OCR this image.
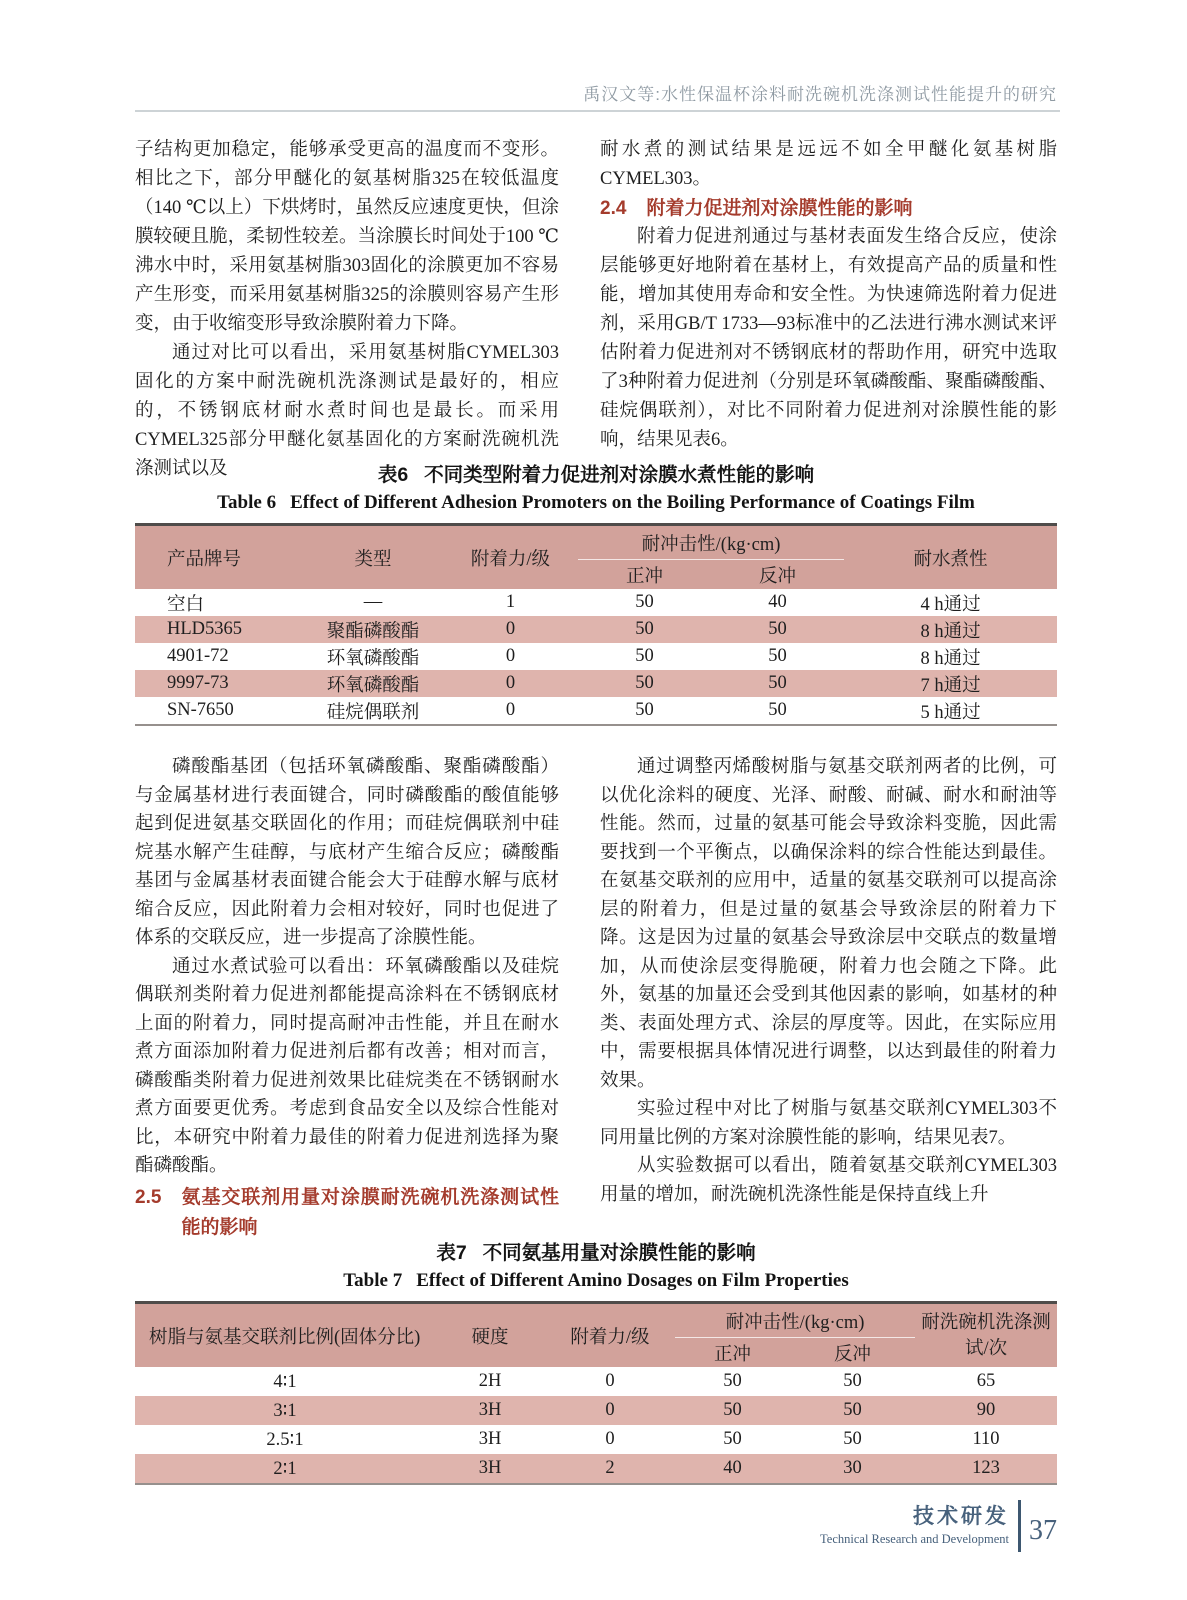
禹汉文等:水性保温杯涂料耐洗碗机洗涤测试性能提升的研究

子结构更加稳定，能够承受更高的温度而不变形。相比之下，部分甲醚化的氨基树脂325在较低温度（140 ℃以上）下烘烤时，虽然反应速度更快，但涂膜较硬且脆，柔韧性较差。当涂膜长时间处于100 ℃沸水中时，采用氨基树脂303固化的涂膜更加不容易产生形变，而采用氨基树脂325的涂膜则容易产生形变，由于收缩变形导致涂膜附着力下降。

通过对比可以看出，采用氨基树脂CYMEL303固化的方案中耐洗碗机洗涤测试是最好的，相应的，不锈钢底材耐水煮时间也是最长。而采用CYMEL325部分甲醚化氨基固化的方案耐洗碗机洗涤测试以及

耐水煮的测试结果是远远不如全甲醚化氨基树脂CYMEL303。

2.4	附着力促进剂对涂膜性能的影响

附着力促进剂通过与基材表面发生络合反应，使涂层能够更好地附着在基材上，有效提高产品的质量和性能，增加其使用寿命和安全性。为快速筛选附着力促进剂，采用GB/T 1733—93标准中的乙法进行沸水测试来评估附着力促进剂对不锈钢底材的帮助作用，研究中选取了3种附着力促进剂（分别是环氧磷酸酯、聚酯磷酸酯、硅烷偶联剂），对比不同附着力促进剂对涂膜性能的影响，结果见表6。

表6 不同类型附着力促进剂对涂膜水煮性能的影响
Table 6 Effect of Different Adhesion Promoters on the Boiling Performance of Coatings Film
产品牌号	类型	附着力/级	耐冲击性/(kg·cm)		耐水煮性
			正冲	反冲	
空白	—	1	50	40	4 h通过
HLD5365	聚酯磷酸酯	0	50	50	8 h通过
4901-72	环氧磷酸酯	0	50	50	8 h通过
9997-73	环氧磷酸酯	0	50	50	7 h通过
SN-7650	硅烷偶联剂	0	50	50	5 h通过

磷酸酯基团（包括环氧磷酸酯、聚酯磷酸酯）与金属基材进行表面键合，同时磷酸酯的酸值能够起到促进氨基交联固化的作用；而硅烷偶联剂中硅烷基水解产生硅醇，与底材产生缩合反应；磷酸酯基团与金属基材表面键合能会大于硅醇水解与底材缩合反应，因此附着力会相对较好，同时也促进了体系的交联反应，进一步提高了涂膜性能。

通过水煮试验可以看出：环氧磷酸酯以及硅烷偶联剂类附着力促进剂都能提高涂料在不锈钢底材上面的附着力，同时提高耐冲击性能，并且在耐水煮方面添加附着力促进剂后都有改善；相对而言，磷酸酯类附着力促进剂效果比硅烷类在不锈钢耐水煮方面要更优秀。考虑到食品安全以及综合性能对比，本研究中附着力最佳的附着力促进剂选择为聚酯磷酸酯。

2.5	氨基交联剂用量对涂膜耐洗碗机洗涤测试性能的影响

通过调整丙烯酸树脂与氨基交联剂两者的比例，可以优化涂料的硬度、光泽、耐酸、耐碱、耐水和耐油等性能。然而，过量的氨基可能会导致涂料变脆，因此需要找到一个平衡点，以确保涂料的综合性能达到最佳。在氨基交联剂的应用中，适量的氨基交联剂可以提高涂层的附着力，但是过量的氨基会导致涂层的附着力下降。这是因为过量的氨基会导致涂层中交联点的数量增加，从而使涂层变得脆硬，附着力也会随之下降。此外，氨基的加量还会受到其他因素的影响，如基材的种类、表面处理方式、涂层的厚度等。因此，在实际应用中，需要根据具体情况进行调整，以达到最佳的附着力效果。

实验过程中对比了树脂与氨基交联剂CYMEL303不同用量比例的方案对涂膜性能的影响，结果见表7。

从实验数据可以看出，随着氨基交联剂CYMEL303用量的增加，耐洗碗机洗涤性能是保持直线上升

表7 不同氨基用量对涂膜性能的影响
Table 7 Effect of Different Amino Dosages on Film Properties
树脂与氨基交联剂比例(固体分比)	硬度	附着力/级	耐冲击性/(kg·cm)		耐洗碗机洗涤测试/次
			正冲	反冲	
4∶1	2H	0	50	50	65
3∶1	3H	0	50	50	90
2.5∶1	3H	0	50	50	110
2∶1	3H	2	40	30	123
技术研发
Technical Research and Development 37
